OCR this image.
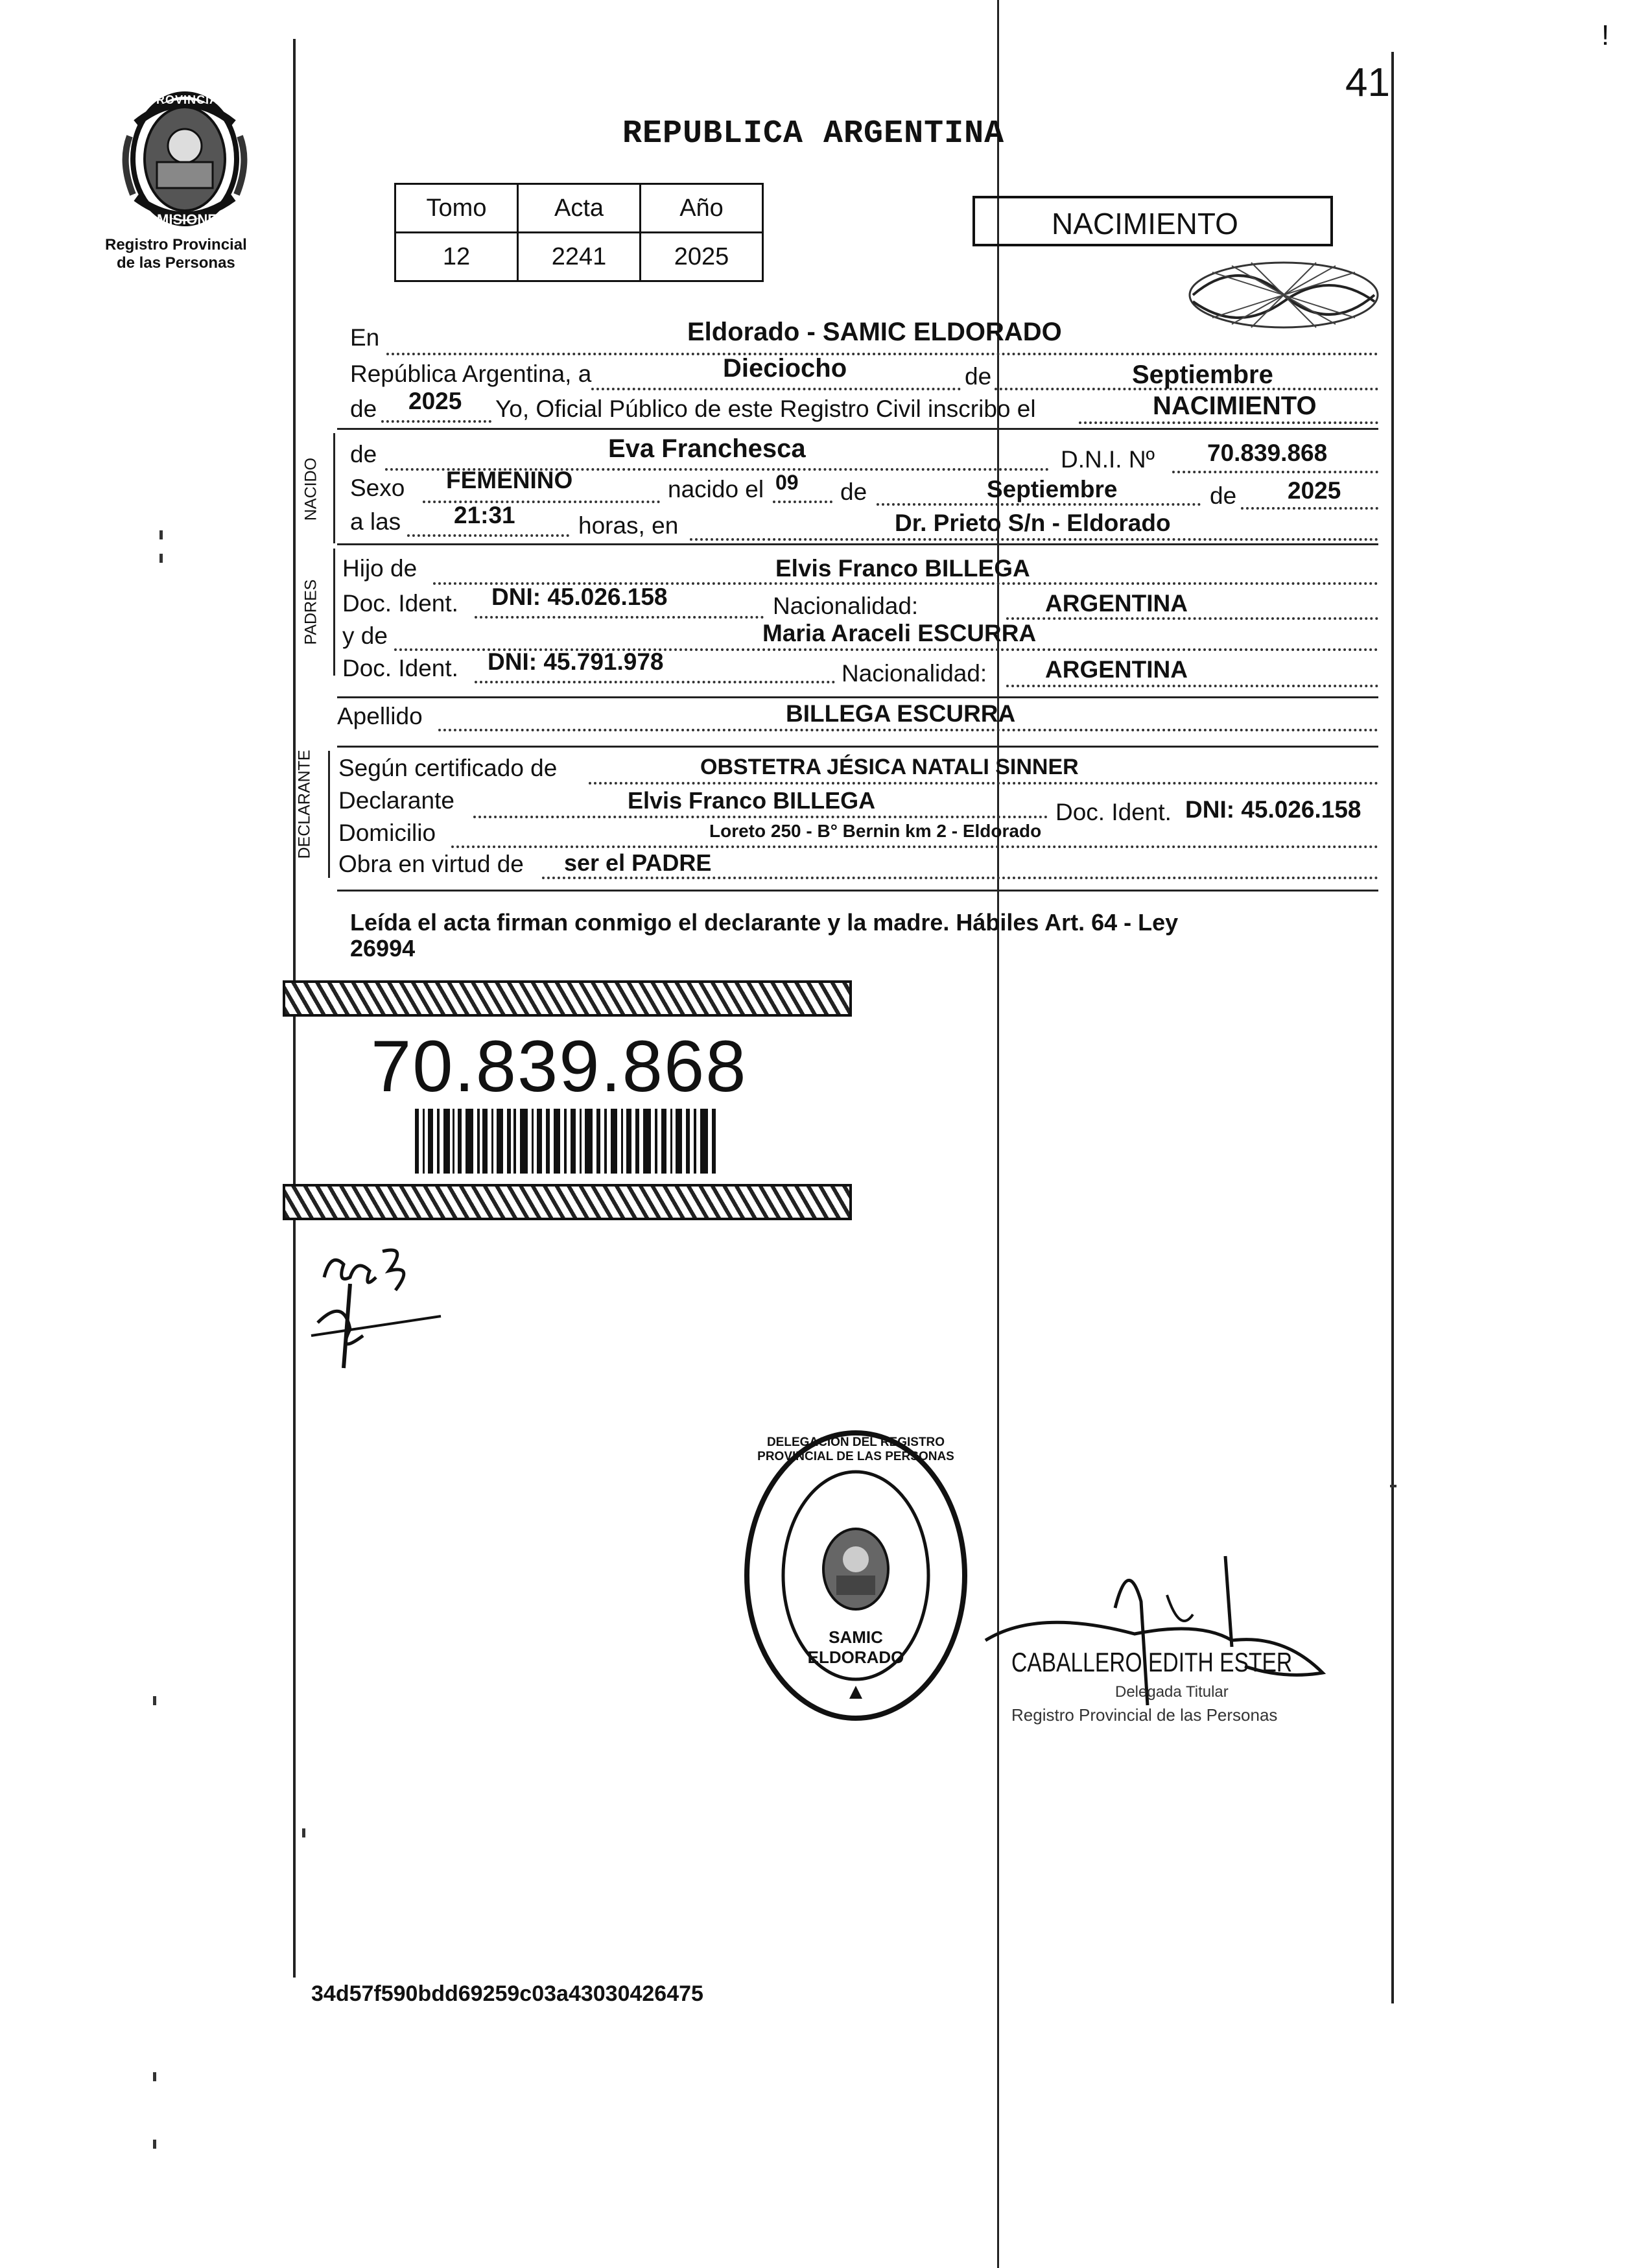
!
41
PROVINCIA DE
MISIONES
Registro Provincial
de las Personas
REPUBLICA ARGENTINA
Tomo	Acta	Año
12	2241	2025
NACIMIENTO
En	Eldorado - SAMIC ELDORADO
República Argentina, a	Dieciocho	de	Septiembre
de 2025 Yo, Oficial Público de este Registro Civil inscribo el	NACIMIENTO
NACIDO
de	Eva Franchesca	D.N.I. Nº 70.839.868
Sexo FEMENINO	nacido el 09 de	Septiembre	de 2025
a las 21:31	horas, en	Dr. Prieto S/n - Eldorado
PADRES
Hijo de	Elvis Franco BILLEGA
Doc. Ident. DNI: 45.026.158	Nacionalidad:	ARGENTINA
y de	Maria Araceli ESCURRA
Doc. Ident. DNI: 45.791.978	Nacionalidad: ARGENTINA
Apellido	BILLEGA ESCURRA
DECLARANTE Según certificado de	OBSTETRA JÉSICA NATALI SINNER
Declarante	Elvis Franco BILLEGA	Doc. Ident. DNI: 45.026.158
Domicilio	Loreto 250 - B° Bernin km 2 - Eldorado
Obra en virtud de ser el PADRE
Leída el acta firman conmigo el declarante y la madre. Hábiles Art. 64 - Ley
26994
70.839.868
DELEGACION DEL REGISTRO PROVINCIAL DE LAS PERSONAS
SAMIC ELDORADO	CABALLERO EDITH ESTER
Delegada Titular
Registro Provincial de las Personas
34d57f590bdd69259c03a43030426475
